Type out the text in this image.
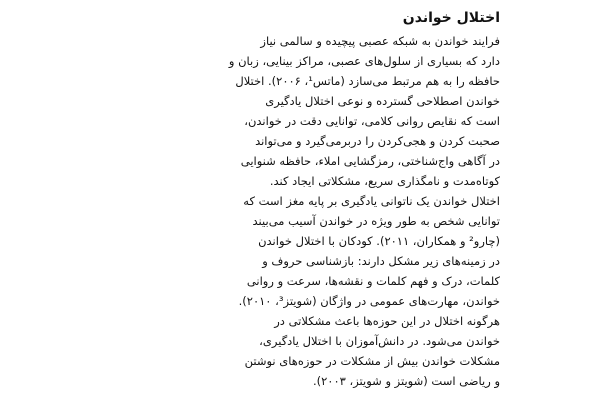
اختلال خواندن
فرایند خواندن به شبکه عصبی پیچیده و سالمی نیاز
دارد که بسیاری از سلول‌های عصبی، مراکز بینایی، زبان و
حافظه را به هم مرتبط می‌سازد (ماتس¹، ۲۰۰۶). اختلال
خواندن اصطلاحی گسترده و نوعی اختلال یادگیری
است که نقایص روانی کلامی، توانایی دقت در خواندن،
صحبت کردن و هجی‌کردن را دربرمی‌گیرد و می‌تواند
در آگاهی واج‌شناختی، رمزگشایی املاء، حافظه شنوایی
کوتاه‌مدت و نامگذاری سریع، مشکلاتی ایجاد کند.
اختلال خواندن یک ناتوانی یادگیری بر پایه مغز است که
توانایی شخص به طور ویژه در خواندن آسیب می‌بیند
(چارو² و همکاران، ۲۰۱۱). کودکان با اختلال خواندن
در زمینه‌های زیر مشکل دارند: بازشناسی حروف و
کلمات، درک و فهم کلمات و نقشه‌ها، سرعت و روانی
خواندن، مهارت‌های عمومی در واژگان (شویتز³، ۲۰۱۰).
هرگونه اختلال در این حوزه‌ها باعث مشکلاتی در
خواندن می‌شود. در دانش‌آموزان با اختلال یادگیری،
مشکلات خواندن بیش از مشکلات در حوزه‌های نوشتن
و ریاضی است (شویتز و شویتز، ۲۰۰۳).
